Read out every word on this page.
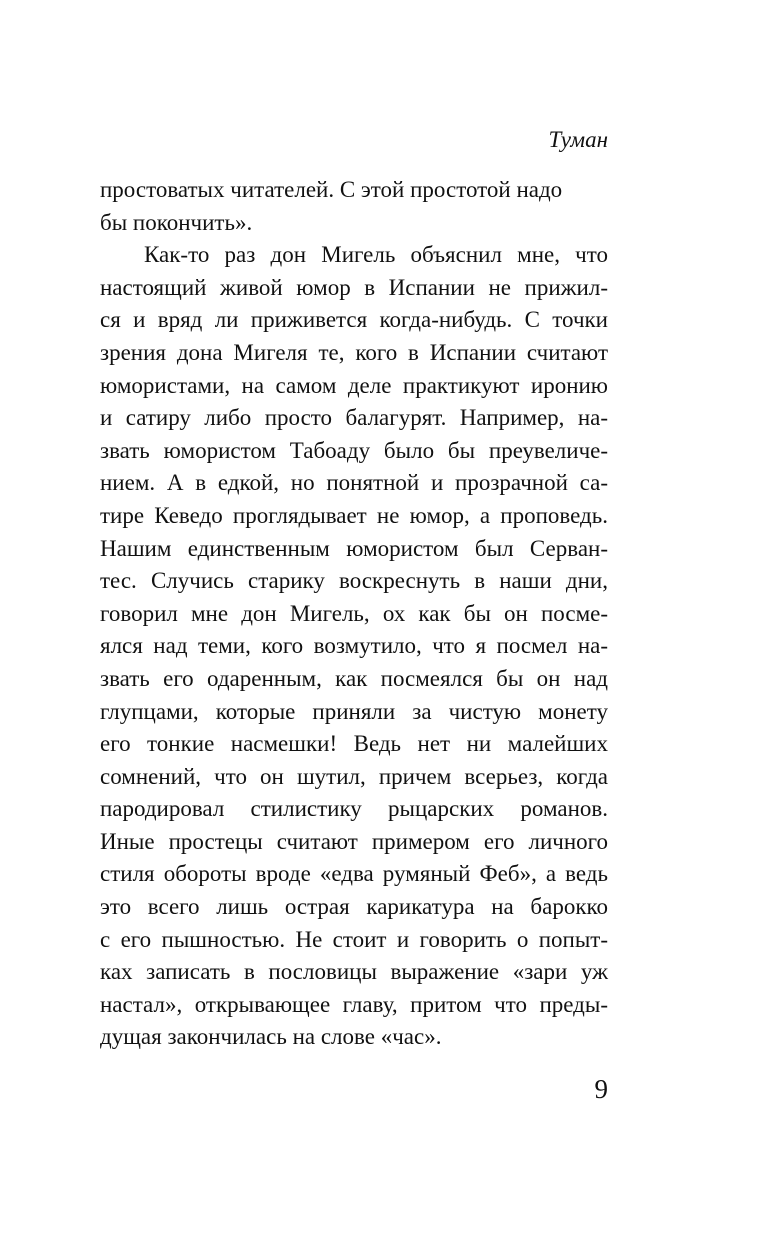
Туман
простоватых читателей. С этой простотой надо
бы покончить».
Как-то раз дон Мигель объяснил мне, что
настоящий живой юмор в Испании не прижил-
ся и вряд ли приживется когда-нибудь. С точки
зрения дона Мигеля те, кого в Испании считают
юмористами, на самом деле практикуют иронию
и сатиру либо просто балагурят. Например, на-
звать юмористом Табоаду было бы преувеличе-
нием. А в едкой, но понятной и прозрачной са-
тире Кеведо проглядывает не юмор, а проповедь.
Нашим единственным юмористом был Серван-
тес. Случись старику воскреснуть в наши дни,
говорил мне дон Мигель, ох как бы он посме-
ялся над теми, кого возмутило, что я посмел на-
звать его одаренным, как посмеялся бы он над
глупцами, которые приняли за чистую монету
его тонкие насмешки! Ведь нет ни малейших
сомнений, что он шутил, причем всерьез, когда
пародировал стилистику рыцарских романов.
Иные простецы считают примером его личного
стиля обороты вроде «едва румяный Феб», а ведь
это всего лишь острая карикатура на барокко
с его пышностью. Не стоит и говорить о попыт-
ках записать в пословицы выражение «зари уж
настал», открывающее главу, притом что преды-
дущая закончилась на слове «час».
9
